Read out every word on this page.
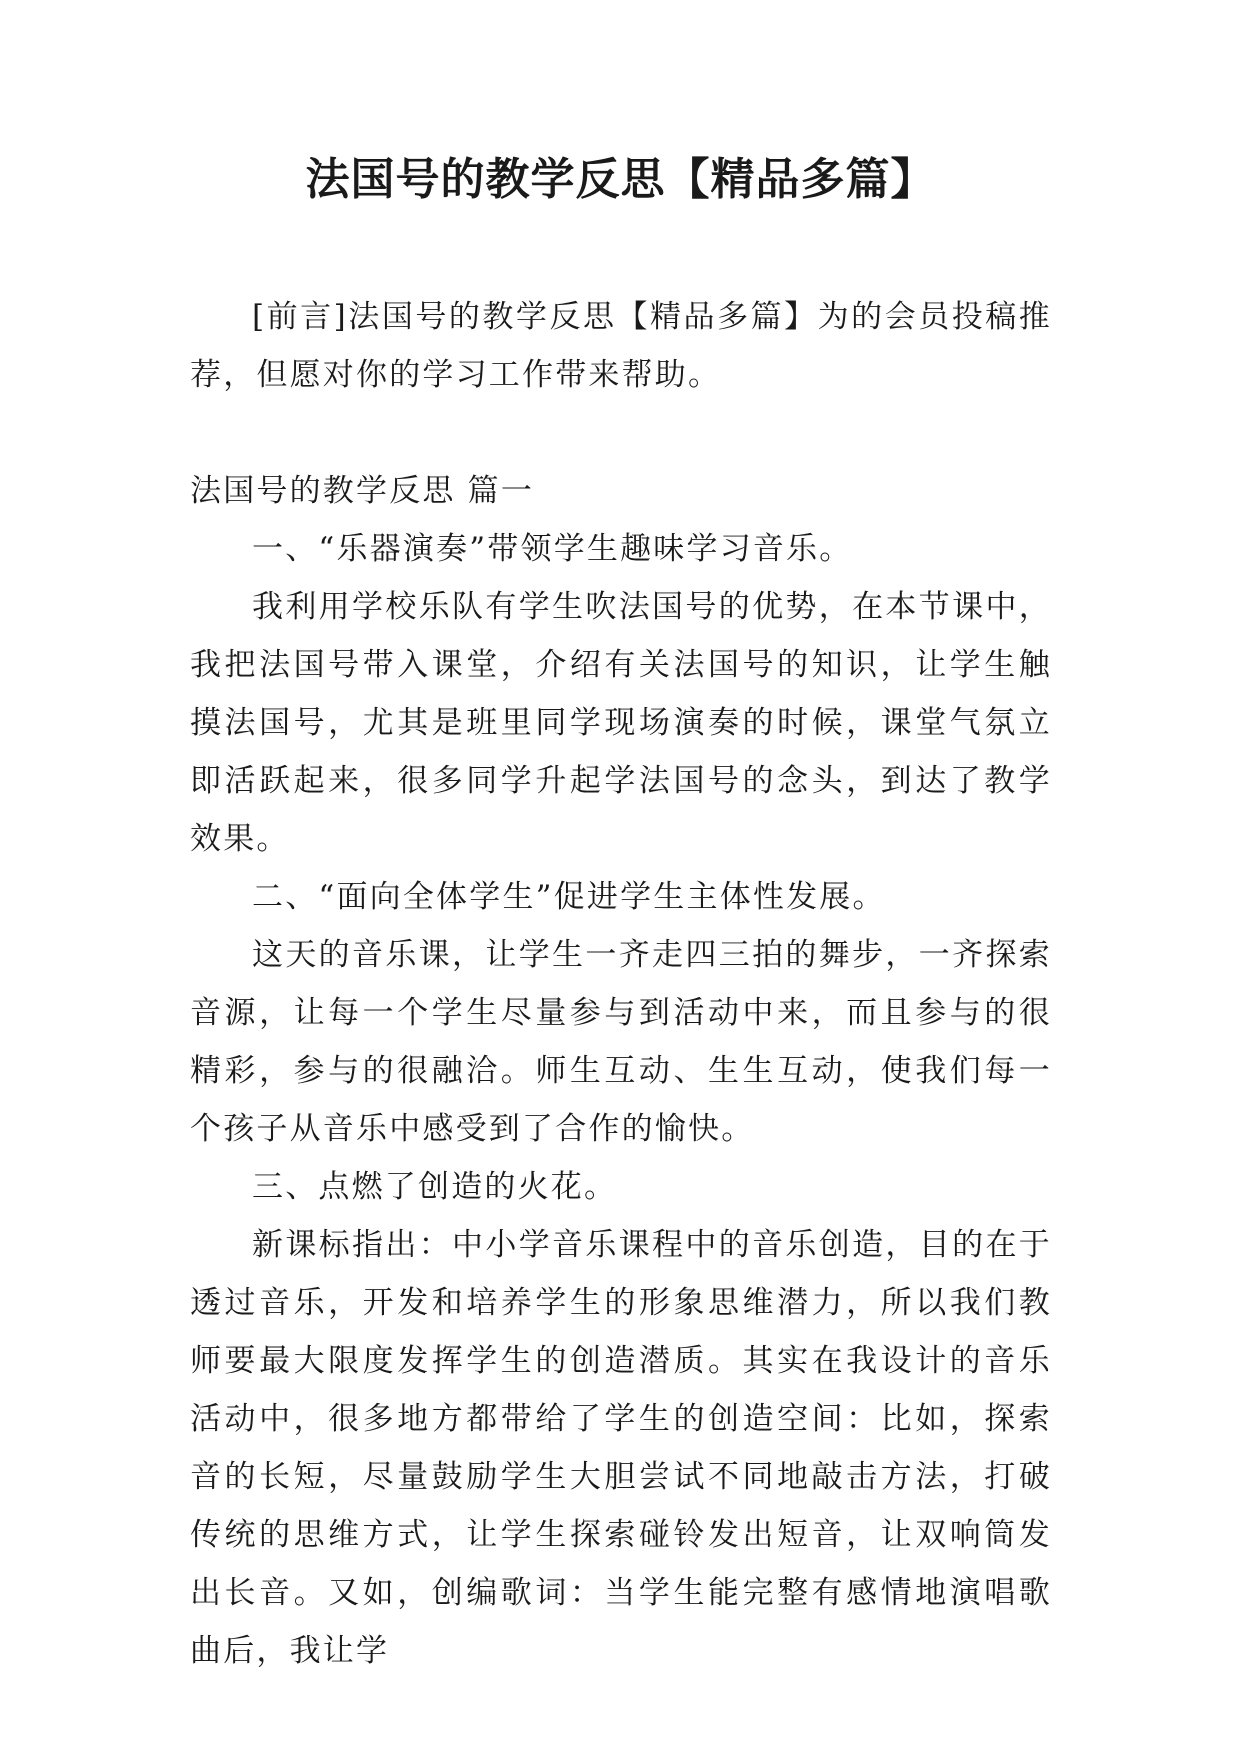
法国号的教学反思【精品多篇】

[前言]法国号的教学反思【精品多篇】为的会员投稿推荐，但愿对你的学习工作带来帮助。

法国号的教学反思 篇一

一、“乐器演奏”带领学生趣味学习音乐。

我利用学校乐队有学生吹法国号的优势，在本节课中，我把法国号带入课堂，介绍有关法国号的知识，让学生触摸法国号，尤其是班里同学现场演奏的时候，课堂气氛立即活跃起来，很多同学升起学法国号的念头，到达了教学效果。

二、“面向全体学生”促进学生主体性发展。

这天的音乐课，让学生一齐走四三拍的舞步，一齐探索音源，让每一个学生尽量参与到活动中来，而且参与的很精彩，参与的很融洽。师生互动、生生互动，使我们每一个孩子从音乐中感受到了合作的愉快。

三、点燃了创造的火花。

新课标指出：中小学音乐课程中的音乐创造，目的在于透过音乐，开发和培养学生的形象思维潜力，所以我们教师要最大限度发挥学生的创造潜质。其实在我设计的音乐活动中，很多地方都带给了学生的创造空间：比如，探索音的长短，尽量鼓励学生大胆尝试不同地敲击方法，打破传统的思维方式，让学生探索碰铃发出短音，让双响筒发出长音。又如，创编歌词：当学生能完整有感情地演唱歌曲后，我让学
